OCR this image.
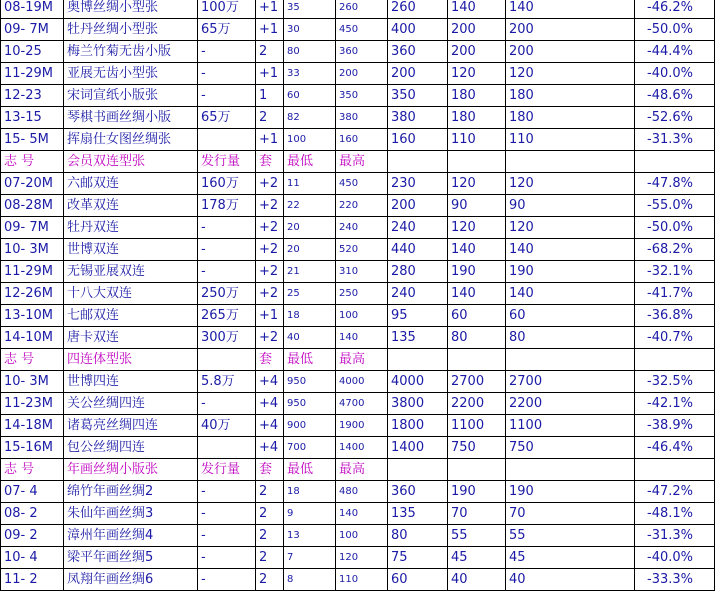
08-19M	奥博丝绸小型张	100万	+1	35	260	260	140	140	-46.2%
09- 7M	牡丹丝绸小型张	65万	+1	30	450	400	200	200	-50.0%
10-25	梅兰竹菊无齿小版	-	2	80	360	360	200	200	-44.4%
11-29M	亚展无齿小型张	-	+1	33	200	200	120	120	-40.0%
12-23	宋词宣纸小版张	-	1	60	350	350	180	180	-48.6%
13-15	琴棋书画丝绸小版	65万	2	82	380	380	180	180	-52.6%
15- 5M	挥扇仕女图丝绸张		+1	100	160	160	110	110	-31.3%
志 号	会员双连型张	发行量	套	最低	最高				
07-20M	六邮双连	160万	+2	11	450	230	120	120	-47.8%
08-28M	改革双连	178万	+2	22	220	200	90	90	-55.0%
09- 7M	牡丹双连	-	+2	20	240	240	120	120	-50.0%
10- 3M	世博双连	-	+2	20	520	440	140	140	-68.2%
11-29M	无锡亚展双连	-	+2	21	310	280	190	190	-32.1%
12-26M	十八大双连	250万	+2	25	250	240	140	140	-41.7%
13-10M	七邮双连	265万	+1	18	100	95	60	60	-36.8%
14-10M	唐卡双连	300万	+2	40	140	135	80	80	-40.7%
志 号	四连体型张		套	最低	最高				
10- 3M	世博四连	5.8万	+4	950	4000	4000	2700	2700	-32.5%
11-23M	关公丝绸四连	-	+4	950	4700	3800	2200	2200	-42.1%
14-18M	诸葛亮丝绸四连	40万	+4	900	1900	1800	1100	1100	-38.9%
15-16M	包公丝绸四连		+4	700	1400	1400	750	750	-46.4%
志 号	年画丝绸小版张	发行量	套	最低	最高				
07- 4	绵竹年画丝绸2	-	2	18	480	360	190	190	-47.2%
08- 2	朱仙年画丝绸3	-	2	9	140	135	70	70	-48.1%
09- 2	漳州年画丝绸4	-	2	13	100	80	55	55	-31.3%
10- 4	梁平年画丝绸5	-	2	7	120	75	45	45	-40.0%
11- 2	凤翔年画丝绸6	-	2	8	110	60	40	40	-33.3%
